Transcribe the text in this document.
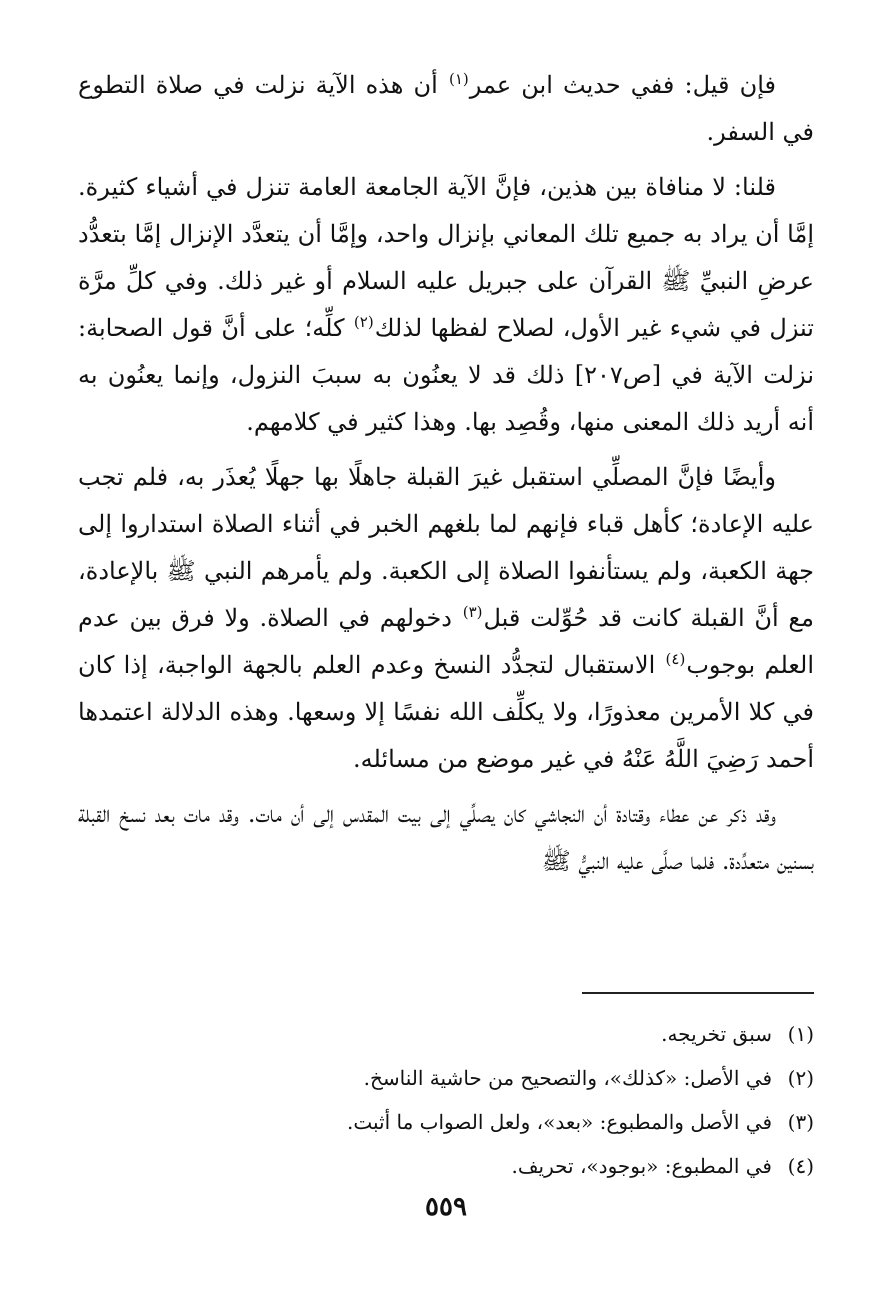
فإن قيل: ففي حديث ابن عمر$^{(١)}$ أن هذه الآية نزلت في صلاة التطوع في السفر.

قلنا: لا منافاة بين هذين، فإنَّ الآية الجامعة العامة تنزل في أشياء كثيرة. إمَّا أن يراد به جميع تلك المعاني بإنزال واحد، وإمَّا أن يتعدَّد الإنزال إمَّا بتعدُّد عرضِ النبيِّ ﷺ القرآن على جبريل عليه السلام أو غير ذلك. وفي كلِّ مرَّة تنزل في شيء غير الأول، لصلاح لفظها لذلك$^{(٢)}$ كلِّه؛ على أنَّ قول الصحابة: نزلت الآية في [ص٢٠٧] ذلك قد لا يعنُون به سببَ النزول، وإنما يعنُون به أنه أريد ذلك المعنى منها، وقُصِد بها. وهذا كثير في كلامهم.

وأيضًا فإنَّ المصلِّي استقبل غيرَ القبلة جاهلًا بها جهلًا يُعذَر به، فلم تجب عليه الإعادة؛ كأهل قباء فإنهم لما بلغهم الخبر في أثناء الصلاة استداروا إلى جهة الكعبة، ولم يستأنفوا الصلاة إلى الكعبة. ولم يأمرهم النبي ﷺ بالإعادة، مع أنَّ القبلة كانت قد حُوِّلت قبل$^{(٣)}$ دخولهم في الصلاة. ولا فرق بين عدم العلم بوجوب$^{(٤)}$ الاستقبال لتجدُّد النسخ وعدم العلم بالجهة الواجبة، إذا كان في كلا الأمرين معذورًا، ولا يكلِّف الله نفسًا إلا وسعها. وهذه الدلالة اعتمدها أحمد رَضِيَ اللَّهُ عَنْهُ في غير موضع من مسائله.

وقد ذكر عن عطاء وقتادة أن النجاشي كان يصلِّي إلى بيت المقدس إلى أن مات. وقد مات بعد نسخ القبلة بسنين متعدِّدة. فلما صلَّى عليه النبيُّ ﷺ

(١)
سبق تخريجه.
(٢)
في الأصل: «كذلك»، والتصحيح من حاشية الناسخ.
(٣)
في الأصل والمطبوع: «بعد»، ولعل الصواب ما أثبت.
(٤)
في المطبوع: «بوجود»، تحريف.
٥٥٩
